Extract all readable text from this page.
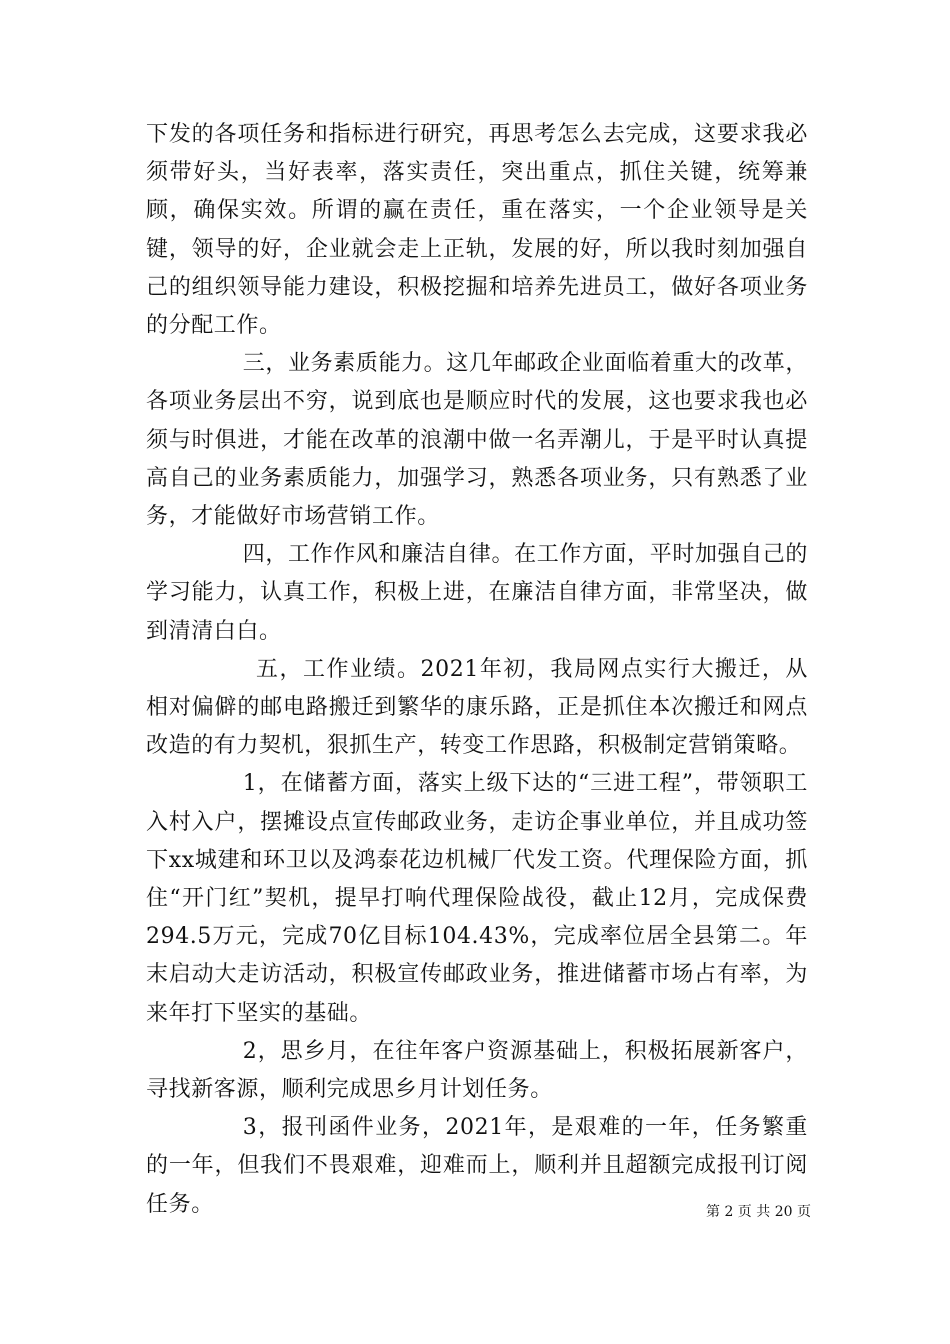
下发的各项任务和指标进行研究，再思考怎么去完成，这要求我必须带好头，当好表率，落实责任，突出重点，抓住关键，统筹兼顾，确保实效。所谓的赢在责任，重在落实，一个企业领导是关键，领导的好，企业就会走上正轨，发展的好，所以我时刻加强自己的组织领导能力建设，积极挖掘和培养先进员工，做好各项业务的分配工作。

三，业务素质能力。这几年邮政企业面临着重大的改革，各项业务层出不穷，说到底也是顺应时代的发展，这也要求我也必须与时俱进，才能在改革的浪潮中做一名弄潮儿，于是平时认真提高自己的业务素质能力，加强学习，熟悉各项业务，只有熟悉了业务，才能做好市场营销工作。

四，工作作风和廉洁自律。在工作方面，平时加强自己的学习能力，认真工作，积极上进，在廉洁自律方面，非常坚决，做到清清白白。

五，工作业绩。2021年初，我局网点实行大搬迁，从相对偏僻的邮电路搬迁到繁华的康乐路，正是抓住本次搬迁和网点改造的有力契机，狠抓生产，转变工作思路，积极制定营销策略。

1，在储蓄方面，落实上级下达的“三进工程”，带领职工入村入户，摆摊设点宣传邮政业务，走访企事业单位，并且成功签下xx城建和环卫以及鸿泰花边机械厂代发工资。代理保险方面，抓住“开门红”契机，提早打响代理保险战役，截止12月，完成保费294.5万元，完成70亿目标104.43%，完成率位居全县第二。年末启动大走访活动，积极宣传邮政业务，推进储蓄市场占有率，为来年打下坚实的基础。

2，思乡月，在往年客户资源基础上，积极拓展新客户，寻找新客源，顺利完成思乡月计划任务。

3，报刊函件业务，2021年，是艰难的一年，任务繁重的一年，但我们不畏艰难，迎难而上，顺利并且超额完成报刊订阅任务。	第 2 页 共 20 页
